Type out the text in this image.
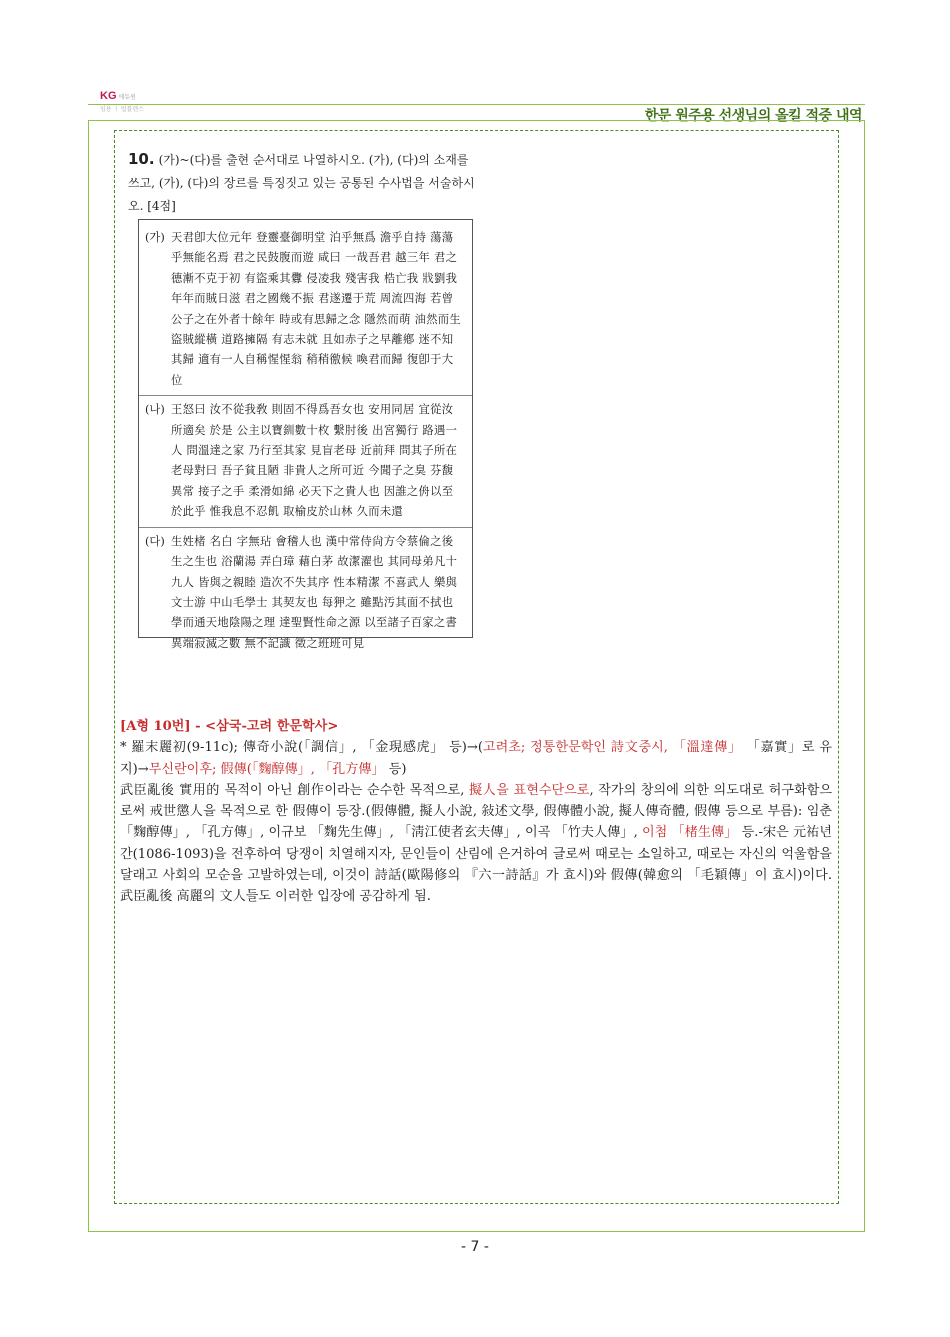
KG 에듀원
임용 ㅣ 법률랜스	한문 원주용 선생님의 올킬 적중 내역
10. (가)~(다)를 출현 순서대로 나열하시오. (가), (다)의 소재를 쓰고, (가), (다)의 장르를 특징짓고 있는 공통된 수사법을 서술하시오. [4점]
(가) 天君卽大位元年 登靈臺御明堂 泊乎無爲 澹乎自持 蕩蕩乎無能名焉 君之民鼓腹而遊 咸曰 一哉吾君 越三年 君之德漸不克于初 有盜乘其釁 侵凌我 殘害我 梏亡我 戕劉我 年年而賊日滋 君之國幾不振 君遂遷于荒 周流四海 若曾公子之在外者十餘年 時或有思歸之念 隱然而萌 油然而生 盜賊縱橫 道路擁隔 有志未就 且如赤子之早離鄕 迷不知其歸 適有一人自稱惺惺翁 稍稍徼候 喚君而歸 復卽于大位
(나) 王怒曰 汝不從我敎 則固不得爲吾女也 安用同居 宜從汝所適矣 於是 公主以寶釧數十枚 繫肘後 出宮獨行 路遇一人 問溫達之家 乃行至其家 見盲老母 近前拜 問其子所在 老母對曰 吾子貧且陋 非貴人之所可近 今聞子之臭 芬馥異常 接子之手 柔滑如綿 必天下之貴人也 因誰之侜以至於此乎 惟我息不忍飢 取榆皮於山林 久而未還
(다) 生姓楮 名白 字無玷 會稽人也 漢中常侍尙方令蔡倫之後 生之生也 浴蘭湯 弄白璋 藉白茅 故潔濯也 其同母弟凡十九人 皆與之親睦 造次不失其序 性本精潔 不喜武人 樂與文士游 中山毛學士 其契友也 每狎之 雖點汚其面不拭也 學而通天地陰陽之理 達聖賢性命之源 以至諸子百家之書 異端寂滅之數 無不記識 徵之班班可見

[A형 10번] - <삼국-고려 한문학사>

* 羅末麗初(9-11c); 傳奇小說(「調信」, 「金現感虎」 등)→(고려초; 정통한문학인 詩文중시, 「溫達傳」 「嘉實」로 유지)→무신란이후; 假傳(「麴醇傳」, 「孔方傳」 등)

武臣亂後 實用的 목적이 아닌 創作이라는 순수한 목적으로, 擬人을 표현수단으로, 작가의 창의에 의한 의도대로 허구화함으로써 戒世懲人을 목적으로 한 假傳이 등장.(假傳體, 擬人小說, 敍述文學, 假傳體小說, 擬人傳奇體, 假傳 등으로 부름): 임춘 「麴醇傳」, 「孔方傳」, 이규보 「麴先生傳」, 「淸江使者玄夫傳」, 이곡 「竹夫人傳」, 이첨 「楮生傳」 등.-宋은 元祐년간(1086-1093)을 전후하여 당쟁이 치열해지자, 문인들이 산림에 은거하여 글로써 때로는 소일하고, 때로는 자신의 억울함을 달래고 사회의 모순을 고발하였는데, 이것이 詩話(歐陽修의 『六一詩話』가 효시)와 假傳(韓愈의 「毛穎傳」이 효시)이다. 武臣亂後 高麗의 文人들도 이러한 입장에 공감하게 됨.

- 7 -
